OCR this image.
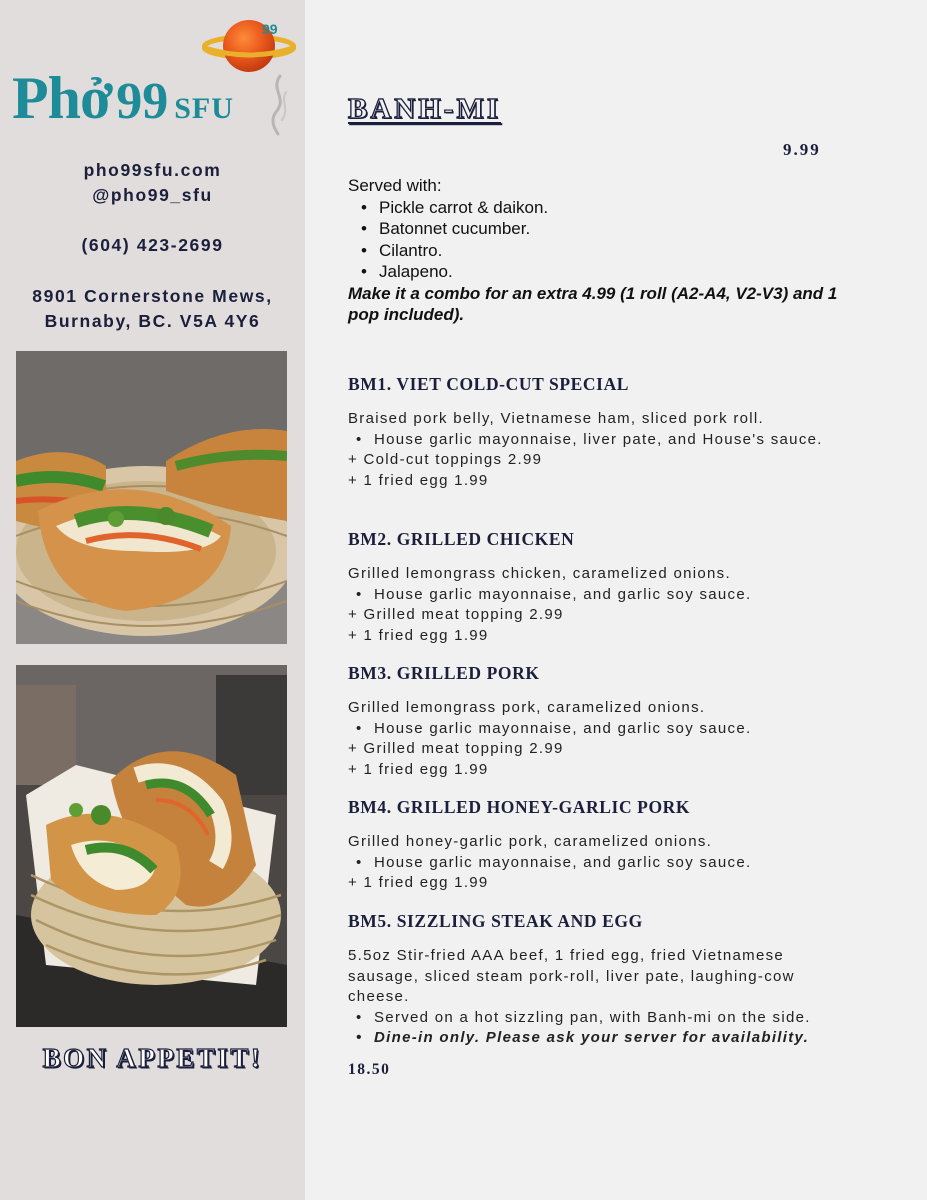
99
Phở99 SFU
pho99sfu.com
@pho99_sfu
(604) 423-2699
8901 Cornerstone Mews,
Burnaby, BC. V5A 4Y6
BON APPETIT!
BANH-MI
9.99
Served with:
• Pickle carrot & daikon.
• Batonnet cucumber.
• Cilantro.
• Jalapeno.
Make it a combo for an extra 4.99 (1 roll (A2-A4, V2-V3) and 1 pop included).
BM1. VIET COLD-CUT SPECIAL
Braised pork belly, Vietnamese ham, sliced pork roll.
• House garlic mayonnaise, liver pate, and House's sauce.
+ Cold-cut toppings 2.99
+ 1 fried egg 1.99
BM2. GRILLED CHICKEN
Grilled lemongrass chicken, caramelized onions.
• House garlic mayonnaise, and garlic soy sauce.
+ Grilled meat topping 2.99
+ 1 fried egg 1.99
BM3. GRILLED PORK
Grilled lemongrass pork, caramelized onions.
• House garlic mayonnaise, and garlic soy sauce.
+ Grilled meat topping 2.99
+ 1 fried egg 1.99
BM4. GRILLED HONEY-GARLIC PORK
Grilled honey-garlic pork, caramelized onions.
• House garlic mayonnaise, and garlic soy sauce.
+ 1 fried egg 1.99
BM5. SIZZLING STEAK AND EGG
5.5oz Stir-fried AAA beef, 1 fried egg, fried Vietnamese sausage, sliced steam pork-roll, liver pate, laughing-cow cheese.
• Served on a hot sizzling pan, with Banh-mi on the side.
• Dine-in only. Please ask your server for availability.
18.50
